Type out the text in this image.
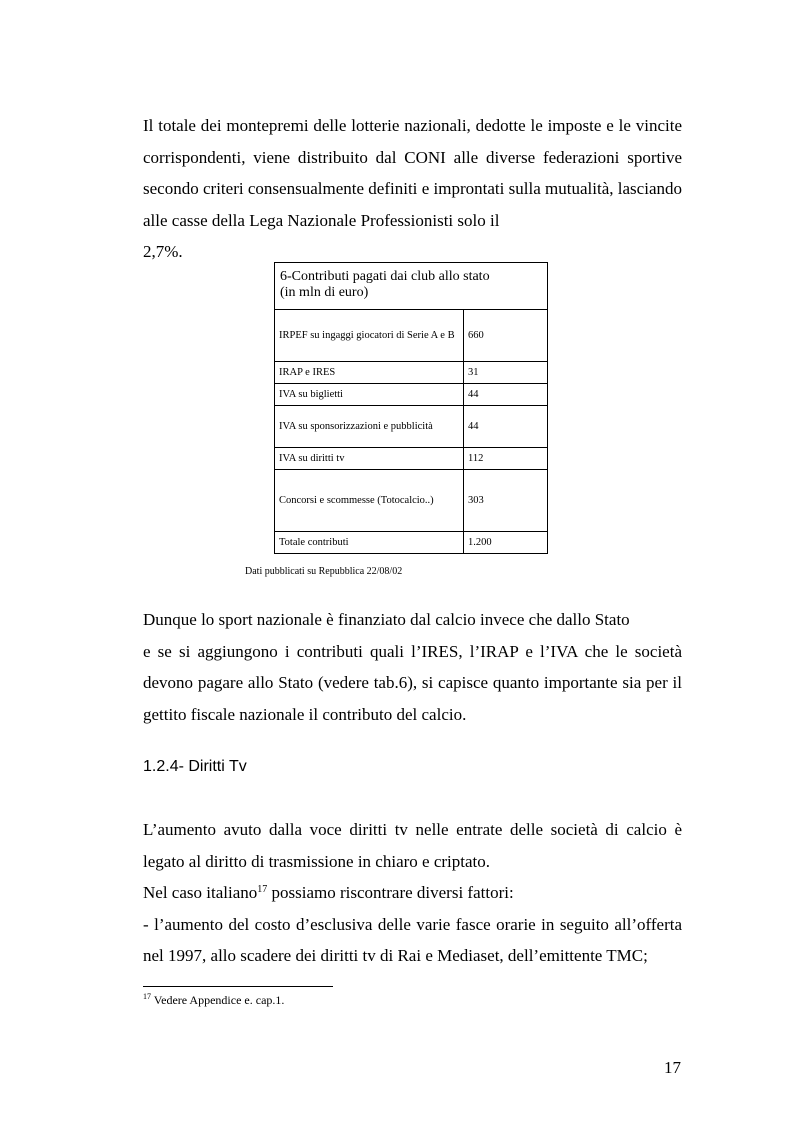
Il totale dei montepremi delle lotterie nazionali, dedotte le imposte e le vincite corrispondenti, viene distribuito dal CONI alle diverse federazioni sportive secondo criteri consensualmente definiti e improntati sulla mutualità, lasciando alle casse della Lega Nazionale Professionisti solo il
2,7%.
6-Contributi pagati dai club allo stato
(in mln di euro)	

IRPEF su ingaggi giocatori di Serie A e B	660
IRAP e IRES	31
IVA su biglietti	44
IVA su sponsorizzazioni e pubblicità	44
IVA su diritti tv	112
Concorsi e scommesse (Totocalcio..)	303
Totale contributi	1.200
Dati pubblicati su Repubblica 22/08/02
Dunque lo sport nazionale è finanziato dal calcio invece che dallo Stato
e se si aggiungono i contributi quali l’IRES, l’IRAP e l’IVA che le società devono pagare allo Stato (vedere tab.6), si capisce quanto importante sia per il gettito fiscale nazionale il contributo del calcio.
1.2.4- Diritti Tv
L’aumento avuto dalla voce diritti tv nelle entrate delle società di calcio è legato al diritto di trasmissione in chiaro e criptato.
Nel caso italiano$^{17}$ possiamo riscontrare diversi fattori:
- l’aumento del costo d’esclusiva delle varie fasce orarie in seguito all’offerta nel 1997, allo scadere dei diritti tv di Rai e Mediaset, dell’emittente TMC;
$^{17}$ Vedere Appendice e. cap.1.
17
